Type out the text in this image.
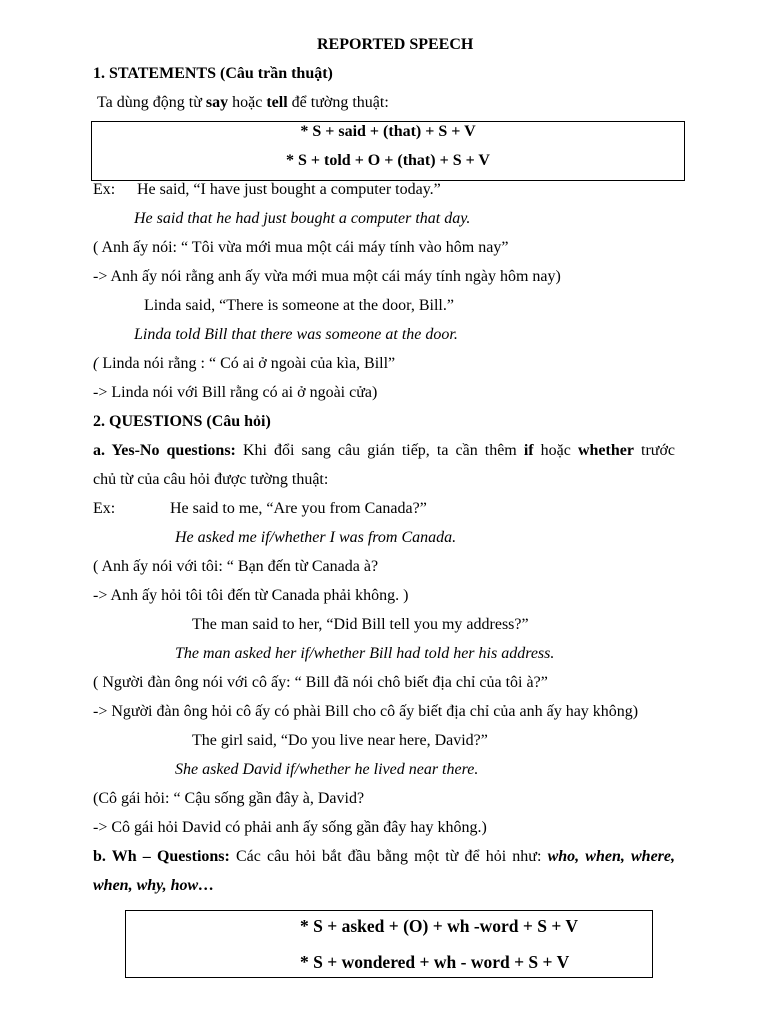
REPORTED SPEECH
1. STATEMENTS (Câu trần thuật)
Ta dùng động từ say hoặc tell để tường thuật:
* S + said + (that) + S + V
* S + told + O + (that) + S + V
Ex: He said, “I have just bought a computer today.”
He said that he had just bought a computer that day.
( Anh ấy nói: “ Tôi vừa mới mua một cái máy tính vào hôm nay”
-> Anh ấy nói rằng anh ấy vừa mới mua một cái máy tính ngày hôm nay)
Linda said, “There is someone at the door, Bill.”
Linda told Bill that there was someone at the door.
( Linda nói rằng : “ Có ai ở ngoài của kìa, Bill”
-> Linda nói với Bill rằng có ai ở ngoài cửa)
2. QUESTIONS (Câu hỏi)
a. Yes-No questions: Khi đổi sang câu gián tiếp, ta cần thêm if hoặc whether trước
chủ từ của câu hỏi được tường thuật:
Ex:	He said to me, “Are you from Canada?”
He asked me if/whether I was from Canada.
( Anh ấy nói với tôi: “ Bạn đến từ Canada à?
-> Anh ấy hỏi tôi tôi đến từ Canada phải không. )
The man said to her, “Did Bill tell you my address?”
The man asked her if/whether Bill had told her his address.
( Người đàn ông nói với cô ấy: “ Bill đã nói chô biết địa chỉ của tôi à?”
-> Người đàn ông hỏi cô ấy có phài Bill cho cô ấy biết địa chỉ của anh ấy hay không)
The girl said, “Do you live near here, David?”
She asked David if/whether he lived near there.
(Cô gái hỏi: “ Cậu sống gần đây à, David?
-> Cô gái hỏi David có phải anh ấy sống gần đây hay không.)
b. Wh – Questions: Các câu hỏi bắt đầu bằng một từ để hỏi như: who, when, where,
when, why, how…
* S + asked + (O) + wh -word + S + V
* S + wondered + wh - word + S + V
